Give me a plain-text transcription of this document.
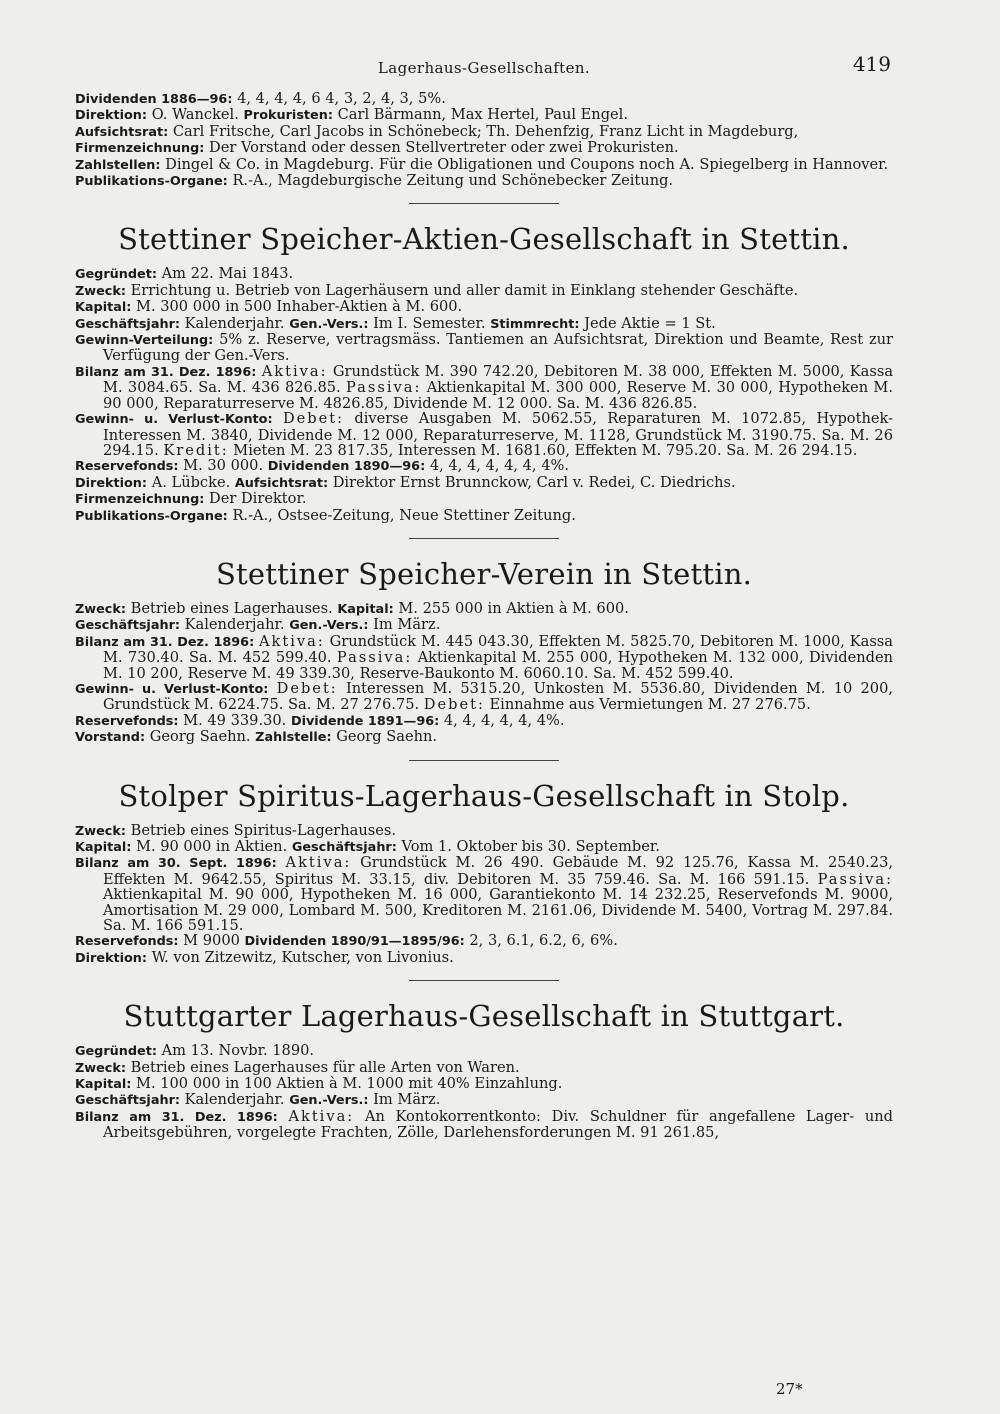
Lagerhaus-Gesellschaften.	419

Dividenden 1886—96: 4, 4, 4, 4, 6 4, 3, 2, 4, 3, 5%.

Direktion: O. Wanckel. Prokuristen: Carl Bärmann, Max Hertel, Paul Engel.

Aufsichtsrat: Carl Fritsche, Carl Jacobs in Schönebeck; Th. Dehenfzig, Franz Licht in Magdeburg,

Firmenzeichnung: Der Vorstand oder dessen Stellvertreter oder zwei Prokuristen.

Zahlstellen: Dingel & Co. in Magdeburg. Für die Obligationen und Coupons noch A. Spiegelberg in Hannover.

Publikations-Organe: R.-A., Magdeburgische Zeitung und Schönebecker Zeitung.

Stettiner Speicher-Aktien-Gesellschaft in Stettin.

Gegründet: Am 22. Mai 1843.

Zweck: Errichtung u. Betrieb von Lagerhäusern und aller damit in Einklang stehender Geschäfte.

Kapital: M. 300 000 in 500 Inhaber-Aktien à M. 600.

Geschäftsjahr: Kalenderjahr. Gen.-Vers.: Im I. Semester. Stimmrecht: Jede Aktie = 1 St.

Gewinn-Verteilung: 5% z. Reserve, vertragsmäss. Tantiemen an Aufsichtsrat, Direktion und Beamte, Rest zur Verfügung der Gen.-Vers.

Bilanz am 31. Dez. 1896: Aktiva: Grundstück M. 390 742.20, Debitoren M. 38 000, Effekten M. 5000, Kassa M. 3084.65. Sa. M. 436 826.85. Passiva: Aktienkapital M. 300 000, Reserve M. 30 000, Hypotheken M. 90 000, Reparaturreserve M. 4826.85, Dividende M. 12 000. Sa. M. 436 826.85.

Gewinn- u. Verlust-Konto: Debet: diverse Ausgaben M. 5062.55, Reparaturen M. 1072.85, Hypothek-Interessen M. 3840, Dividende M. 12 000, Reparaturreserve, M. 1128, Grundstück M. 3190.75. Sa. M. 26 294.15. Kredit: Mieten M. 23 817.35, Interessen M. 1681.60, Effekten M. 795.20. Sa. M. 26 294.15.

Reservefonds: M. 30 000. Dividenden 1890—96: 4, 4, 4, 4, 4, 4, 4%.

Direktion: A. Lübcke. Aufsichtsrat: Direktor Ernst Brunnckow, Carl v. Redei, C. Diedrichs.

Firmenzeichnung: Der Direktor.

Publikations-Organe: R.-A., Ostsee-Zeitung, Neue Stettiner Zeitung.

Stettiner Speicher-Verein in Stettin.

Zweck: Betrieb eines Lagerhauses. Kapital: M. 255 000 in Aktien à M. 600.

Geschäftsjahr: Kalenderjahr. Gen.-Vers.: Im März.

Bilanz am 31. Dez. 1896: Aktiva: Grundstück M. 445 043.30, Effekten M. 5825.70, Debitoren M. 1000, Kassa M. 730.40. Sa. M. 452 599.40. Passiva: Aktienkapital M. 255 000, Hypotheken M. 132 000, Dividenden M. 10 200, Reserve M. 49 339.30, Reserve-Baukonto M. 6060.10. Sa. M. 452 599.40.

Gewinn- u. Verlust-Konto: Debet: Interessen M. 5315.20, Unkosten M. 5536.80, Dividenden M. 10 200, Grundstück M. 6224.75. Sa. M. 27 276.75. Debet: Einnahme aus Vermietungen M. 27 276.75.

Reservefonds: M. 49 339.30. Dividende 1891—96: 4, 4, 4, 4, 4, 4%.

Vorstand: Georg Saehn. Zahlstelle: Georg Saehn.

Stolper Spiritus-Lagerhaus-Gesellschaft in Stolp.

Zweck: Betrieb eines Spiritus-Lagerhauses.

Kapital: M. 90 000 in Aktien. Geschäftsjahr: Vom 1. Oktober bis 30. September.

Bilanz am 30. Sept. 1896: Aktiva: Grundstück M. 26 490. Gebäude M. 92 125.76, Kassa M. 2540.23, Effekten M. 9642.55, Spiritus M. 33.15, div. Debitoren M. 35 759.46. Sa. M. 166 591.15. Passiva: Aktienkapital M. 90 000, Hypotheken M. 16 000, Garantiekonto M. 14 232.25, Reservefonds M. 9000, Amortisation M. 29 000, Lombard M. 500, Kreditoren M. 2161.06, Dividende M. 5400, Vortrag M. 297.84. Sa. M. 166 591.15.

Reservefonds: M 9000 Dividenden 1890/91—1895/96: 2, 3, 6.1, 6.2, 6, 6%.

Direktion: W. von Zitzewitz, Kutscher, von Livonius.

Stuttgarter Lagerhaus-Gesellschaft in Stuttgart.

Gegründet: Am 13. Novbr. 1890.

Zweck: Betrieb eines Lagerhauses für alle Arten von Waren.

Kapital: M. 100 000 in 100 Aktien à M. 1000 mit 40% Einzahlung.

Geschäftsjahr: Kalenderjahr. Gen.-Vers.: Im März.

Bilanz am 31. Dez. 1896: Aktiva: An Kontokorrentkonto: Div. Schuldner für angefallene Lager- und Arbeitsgebühren, vorgelegte Frachten, Zölle, Darlehensforderungen M. 91 261.85,

27*
